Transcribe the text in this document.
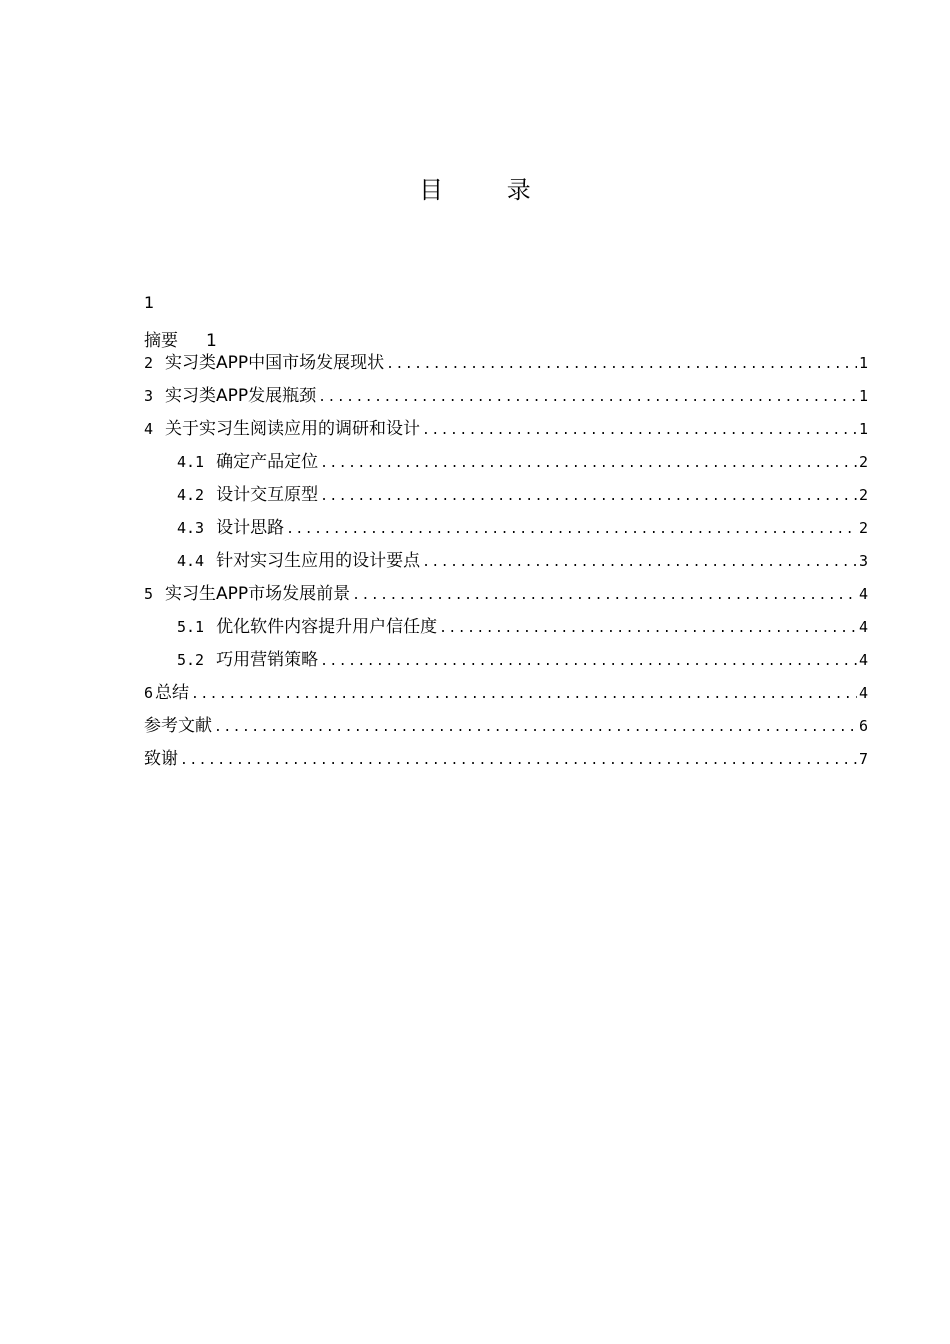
目 录
1
摘要 1
2 实习类APP中国市场发展现状 .....	1
3 实习类APP发展瓶颈 .....	1
4 关于实习生阅读应用的调研和设计 .....	1
4.1 确定产品定位 .....	2
4.2 设计交互原型 .....	2
4.3 设计思路 .....	2
4.4 针对实习生应用的设计要点 .....	3
5 实习生APP市场发展前景 .....	4
5.1 优化软件内容提升用户信任度 .....	4
5.2 巧用营销策略 .....	4
6 总结 .....	4
参考文献 .....	6
致谢 .....	7
